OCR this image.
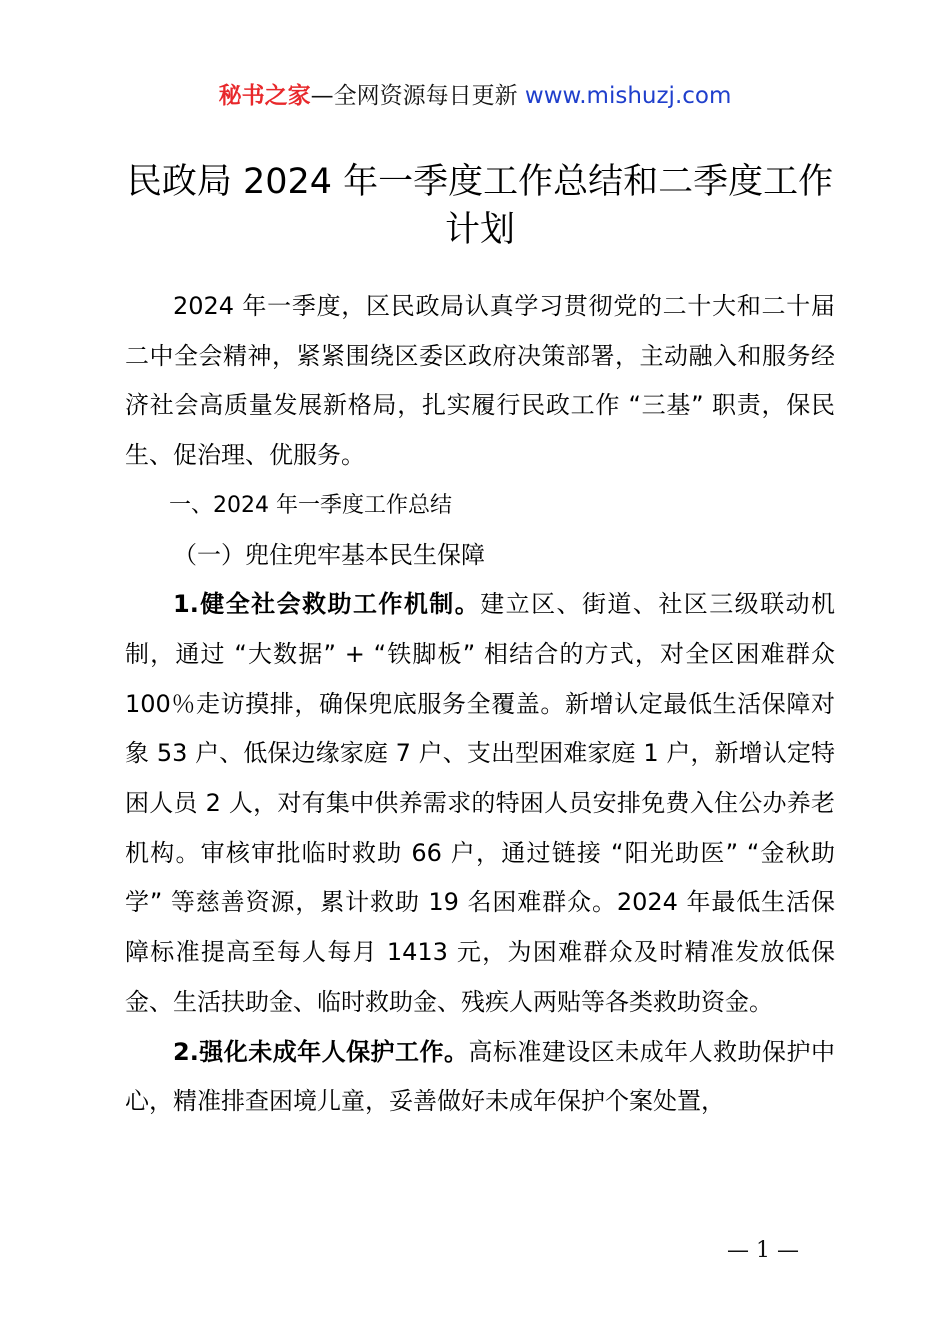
秘书之家—全网资源每日更新 www.mishuzj.com
民政局 2024 年一季度工作总结和二季度工作计划

2024 年一季度，区民政局认真学习贯彻党的二十大和二十届二中全会精神，紧紧围绕区委区政府决策部署，主动融入和服务经济社会高质量发展新格局，扎实履行民政工作 “三基” 职责，保民生、促治理、优服务。

一、2024 年一季度工作总结

（一）兜住兜牢基本民生保障

1.健全社会救助工作机制。建立区、街道、社区三级联动机制，通过 “大数据” + “铁脚板” 相结合的方式，对全区困难群众 100％走访摸排，确保兜底服务全覆盖。新增认定最低生活保障对象 53 户、低保边缘家庭 7 户、支出型困难家庭 1 户，新增认定特困人员 2 人，对有集中供养需求的特困人员安排免费入住公办养老机构。审核审批临时救助 66 户，通过链接 “阳光助医” “金秋助学” 等慈善资源，累计救助 19 名困难群众。2024 年最低生活保障标准提高至每人每月 1413 元，为困难群众及时精准发放低保金、生活扶助金、临时救助金、残疾人两贴等各类救助资金。

2.强化未成年人保护工作。高标准建设区未成年人救助保护中心，精准排查困境儿童，妥善做好未成年保护个案处置，

— 1 —
